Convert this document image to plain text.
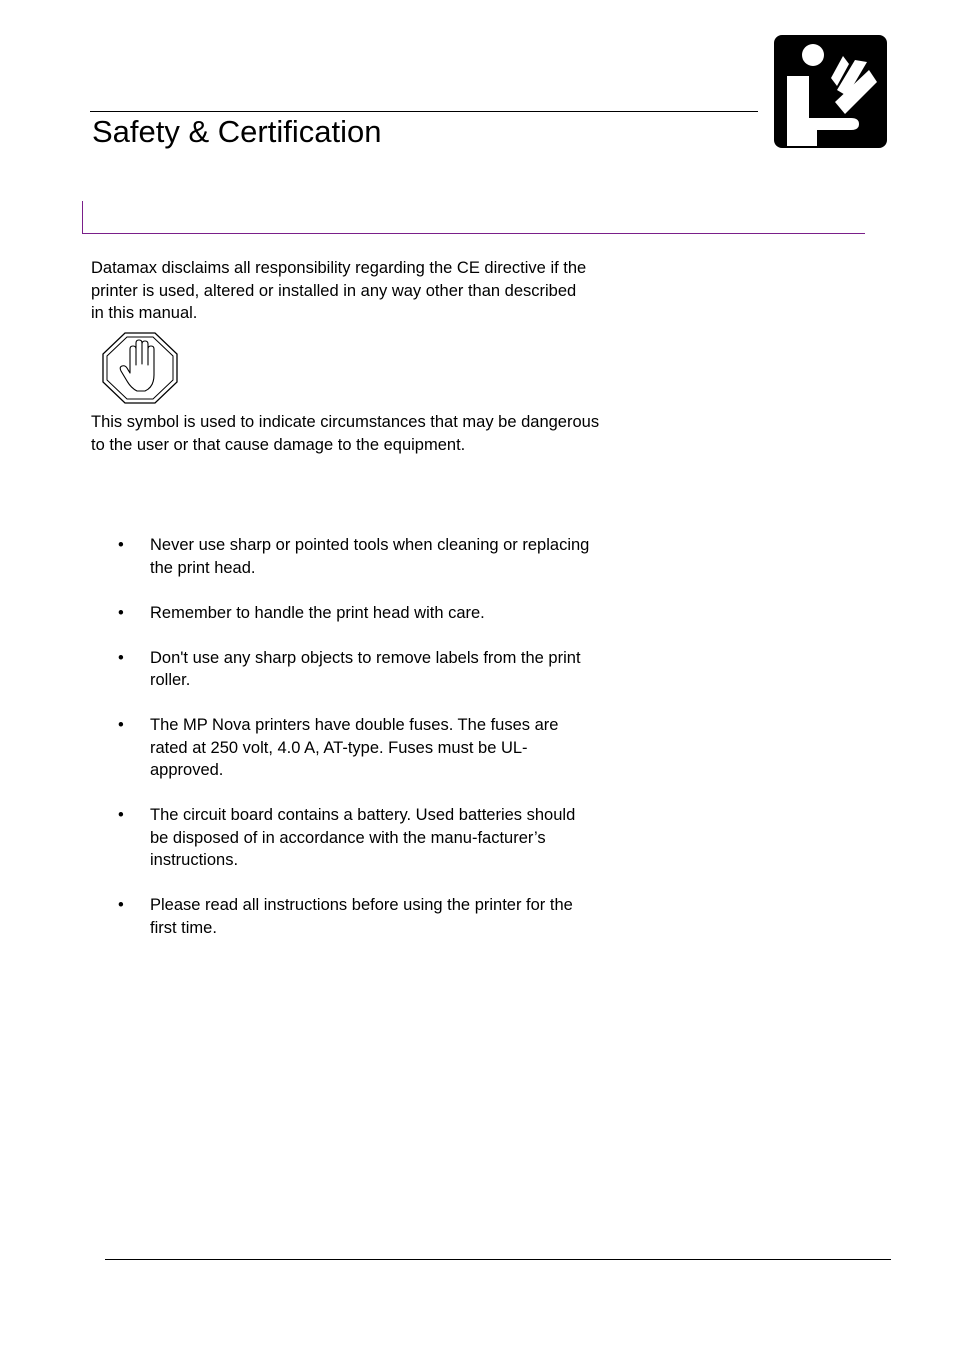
Safety & Certification

Datamax disclaims all responsibility regarding the CE directive if the printer is used, altered or installed in any way other than described in this manual.

This symbol is used to indicate circumstances that may be dangerous to the user or that cause damage to the equipment.

•	Never use sharp or pointed tools when cleaning or replacing the print head.
•	Remember to handle the print head with care.
•	Don't use any sharp objects to remove labels from the print roller.
•	The MP Nova printers have double fuses. The fuses are rated at 250 volt, 4.0 A, AT-type. Fuses must be UL-approved.
•	The circuit board contains a battery. Used batteries should be disposed of in accordance with the manu-facturer’s instructions.
•	Please read all instructions before using the printer for the first time.
